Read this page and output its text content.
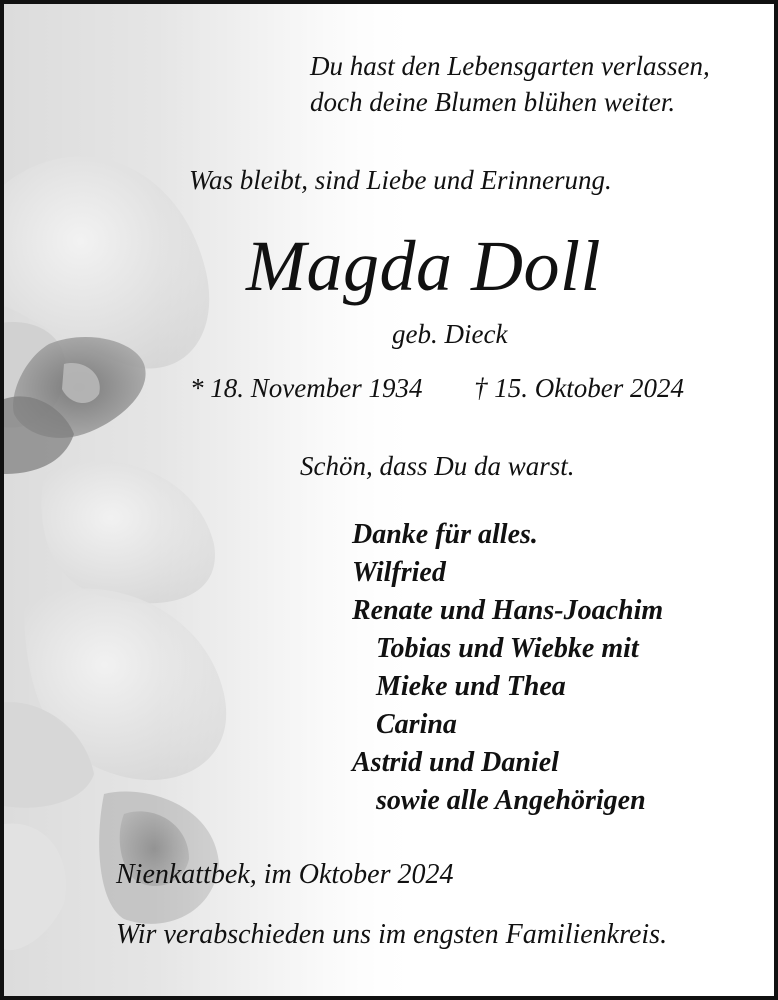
Du hast den Lebensgarten verlassen,

doch deine Blumen blühen weiter.

Was bleibt, sind Liebe und Erinnerung.

Magda Doll

geb. Dieck

* 18. November 1934 † 15. Oktober 2024

Schön, dass Du da warst.

Danke für alles.

Wilfried

Renate und Hans-Joachim

Tobias und Wiebke mit

Mieke und Thea

Carina

Astrid und Daniel

sowie alle Angehörigen

Nienkattbek, im Oktober 2024

Wir verabschieden uns im engsten Familienkreis.
